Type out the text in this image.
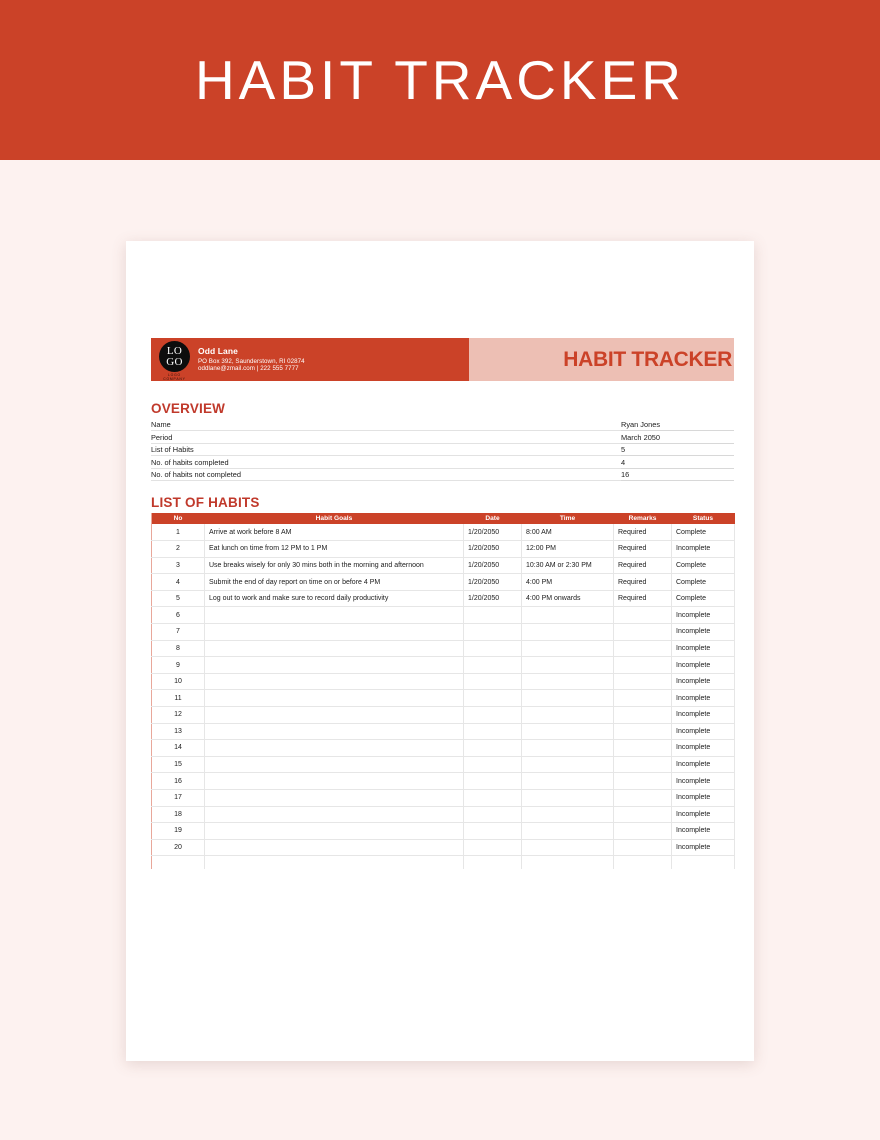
HABIT TRACKER
LO
GO
LOGO COMPANY
Odd Lane
PO Box 392, Saunderstown, RI 02874
oddlane@zmail.com | 222 555 7777	HABIT TRACKER
OVERVIEW
Name	Ryan Jones
Period	March 2050
List of Habits	5
No. of habits completed	4
No. of habits not completed	16
LIST OF HABITS
No	Habit Goals	Date	Time	Remarks	Status
1	Arrive at work before 8 AM	1/20/2050	8:00 AM	Required	Complete
2	Eat lunch on time from 12 PM to 1 PM	1/20/2050	12:00 PM	Required	Incomplete
3	Use breaks wisely for only 30 mins both in the morning and afternoon	1/20/2050	10:30 AM or 2:30 PM	Required	Complete
4	Submit the end of day report on time on or before 4 PM	1/20/2050	4:00 PM	Required	Complete
5	Log out to work and make sure to record daily productivity	1/20/2050	4:00 PM onwards	Required	Complete
6					Incomplete
7					Incomplete
8					Incomplete
9					Incomplete
10					Incomplete
11					Incomplete
12					Incomplete
13					Incomplete
14					Incomplete
15					Incomplete
16					Incomplete
17					Incomplete
18					Incomplete
19					Incomplete
20					Incomplete
